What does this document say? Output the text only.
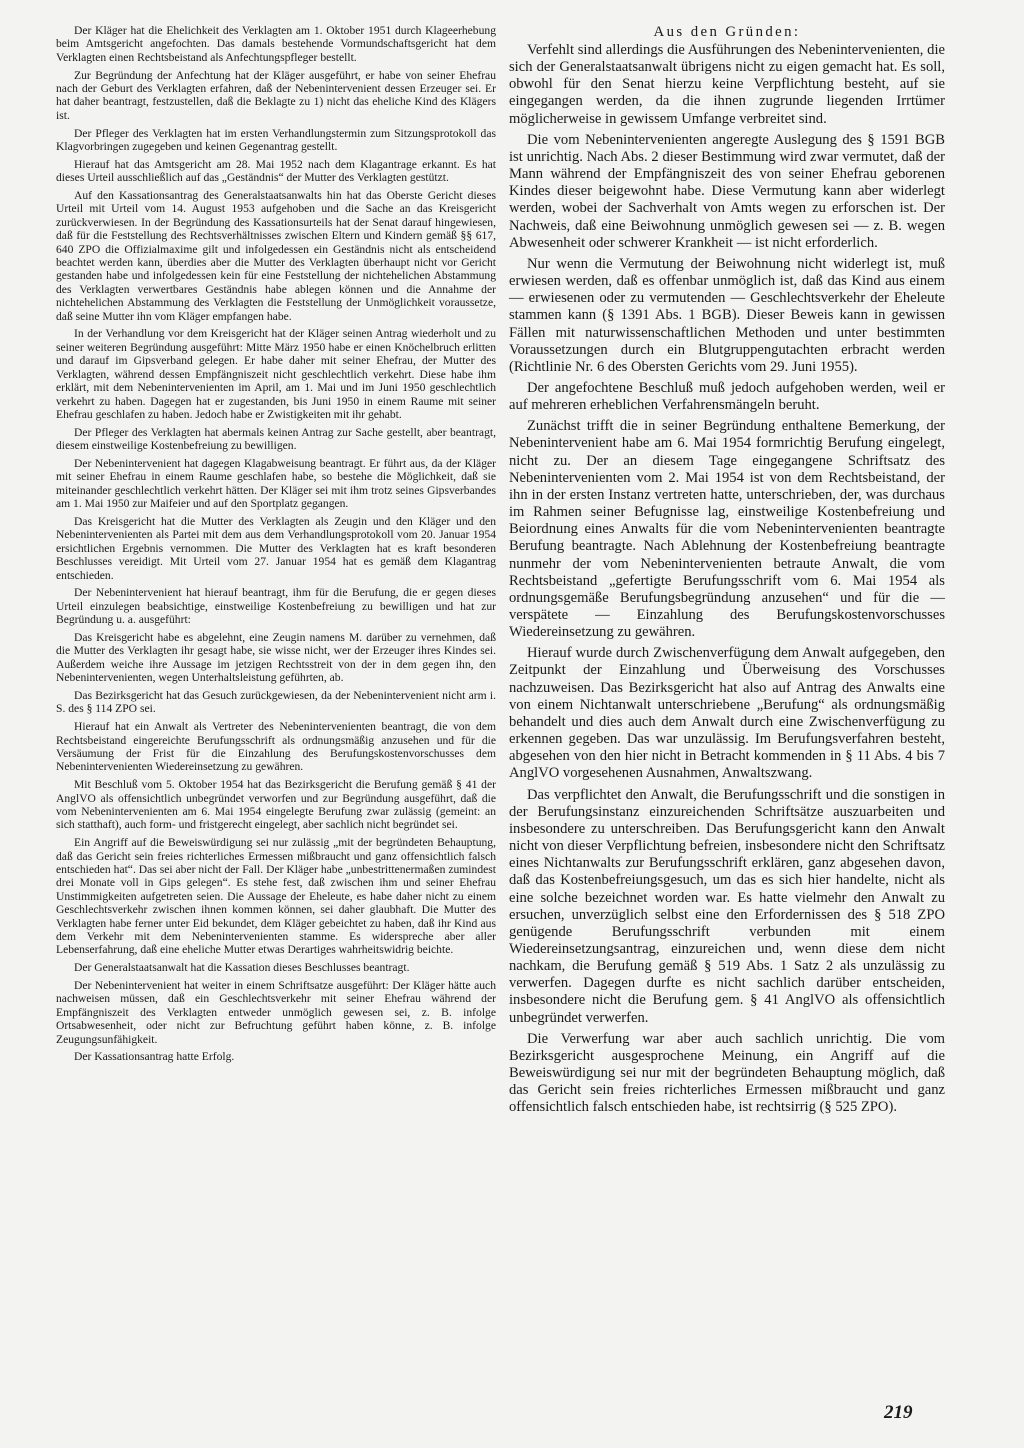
Der Kläger hat die Ehelichkeit des Verklagten am 1. Oktober 1951 durch Klageerhebung beim Amtsgericht angefochten. Das damals bestehende Vormundschaftsgericht hat dem Verklagten einen Rechtsbeistand als Anfechtungspfleger bestellt.

Zur Begründung der Anfechtung hat der Kläger ausgeführt, er habe von seiner Ehefrau nach der Geburt des Verklagten erfahren, daß der Nebenintervenient dessen Erzeuger sei. Er hat daher beantragt, festzustellen, daß die Beklagte zu 1) nicht das eheliche Kind des Klägers ist.

Der Pfleger des Verklagten hat im ersten Verhandlungstermin zum Sitzungsprotokoll das Klagvorbringen zugegeben und keinen Gegenantrag gestellt.

Hierauf hat das Amtsgericht am 28. Mai 1952 nach dem Klagantrage erkannt. Es hat dieses Urteil ausschließlich auf das „Geständnis“ der Mutter des Verklagten gestützt.

Auf den Kassationsantrag des Generalstaatsanwalts hin hat das Oberste Gericht dieses Urteil mit Urteil vom 14. August 1953 aufgehoben und die Sache an das Kreisgericht zurückverwiesen. In der Begründung des Kassationsurteils hat der Senat darauf hingewiesen, daß für die Feststellung des Rechtsverhältnisses zwischen Eltern und Kindern gemäß §§ 617, 640 ZPO die Offizialmaxime gilt und infolgedessen ein Geständnis nicht als entscheidend beachtet werden kann, überdies aber die Mutter des Verklagten überhaupt nicht vor Gericht gestanden habe und infolgedessen kein für eine Feststellung der nichtehelichen Abstammung des Verklagten verwertbares Geständnis habe ablegen können und die Annahme der nichtehelichen Abstammung des Verklagten die Feststellung der Unmöglichkeit voraussetze, daß seine Mutter ihn vom Kläger empfangen habe.

In der Verhandlung vor dem Kreisgericht hat der Kläger seinen Antrag wiederholt und zu seiner weiteren Begründung ausgeführt: Mitte März 1950 habe er einen Knöchelbruch erlitten und darauf im Gipsverband gelegen. Er habe daher mit seiner Ehefrau, der Mutter des Verklagten, während dessen Empfängniszeit nicht geschlechtlich verkehrt. Diese habe ihm erklärt, mit dem Nebenintervenienten im April, am 1. Mai und im Juni 1950 geschlechtlich verkehrt zu haben. Dagegen hat er zugestanden, bis Juni 1950 in einem Raume mit seiner Ehefrau geschlafen zu haben. Jedoch habe er Zwistigkeiten mit ihr gehabt.

Der Pfleger des Verklagten hat abermals keinen Antrag zur Sache gestellt, aber beantragt, diesem einstweilige Kostenbefreiung zu bewilligen.

Der Nebenintervenient hat dagegen Klagabweisung beantragt. Er führt aus, da der Kläger mit seiner Ehefrau in einem Raume geschlafen habe, so bestehe die Möglichkeit, daß sie miteinander geschlechtlich verkehrt hätten. Der Kläger sei mit ihm trotz seines Gipsverbandes am 1. Mai 1950 zur Maifeier und auf den Sportplatz gegangen.

Das Kreisgericht hat die Mutter des Verklagten als Zeugin und den Kläger und den Nebenintervenienten als Partei mit dem aus dem Verhandlungsprotokoll vom 20. Januar 1954 ersichtlichen Ergebnis vernommen. Die Mutter des Verklagten hat es kraft besonderen Beschlusses vereidigt. Mit Urteil vom 27. Januar 1954 hat es gemäß dem Klagantrag entschieden.

Der Nebenintervenient hat hierauf beantragt, ihm für die Berufung, die er gegen dieses Urteil einzulegen beabsichtige, einstweilige Kostenbefreiung zu bewilligen und hat zur Begründung u. a. ausgeführt:

Das Kreisgericht habe es abgelehnt, eine Zeugin namens M. darüber zu vernehmen, daß die Mutter des Verklagten ihr gesagt habe, sie wisse nicht, wer der Erzeuger ihres Kindes sei. Außerdem weiche ihre Aussage im jetzigen Rechtsstreit von der in dem gegen ihn, den Nebenintervenienten, wegen Unterhaltsleistung geführten, ab.

Das Bezirksgericht hat das Gesuch zurückgewiesen, da der Nebenintervenient nicht arm i. S. des § 114 ZPO sei.

Hierauf hat ein Anwalt als Vertreter des Nebenintervenienten beantragt, die von dem Rechtsbeistand eingereichte Berufungsschrift als ordnungsmäßig anzusehen und für die Versäumung der Frist für die Einzahlung des Berufungskostenvorschusses dem Nebenintervenienten Wiedereinsetzung zu gewähren.

Mit Beschluß vom 5. Oktober 1954 hat das Bezirksgericht die Berufung gemäß § 41 der AnglVO als offensichtlich unbegründet verworfen und zur Begründung ausgeführt, daß die vom Nebenintervenienten am 6. Mai 1954 eingelegte Berufung zwar zulässig (gemeint: an sich statthaft), auch form- und fristgerecht eingelegt, aber sachlich nicht begründet sei.

Ein Angriff auf die Beweiswürdigung sei nur zulässig „mit der begründeten Behauptung, daß das Gericht sein freies richterliches Ermessen mißbraucht und ganz offensichtlich falsch entschieden hat“. Das sei aber nicht der Fall. Der Kläger habe „unbestrittenermaßen zumindest drei Monate voll in Gips gelegen“. Es stehe fest, daß zwischen ihm und seiner Ehefrau Unstimmigkeiten aufgetreten seien. Die Aussage der Eheleute, es habe daher nicht zu einem Geschlechtsverkehr zwischen ihnen kommen können, sei daher glaubhaft. Die Mutter des Verklagten habe ferner unter Eid bekundet, dem Kläger gebeichtet zu haben, daß ihr Kind aus dem Verkehr mit dem Nebenintervenienten stamme. Es widerspreche aber aller Lebenserfahrung, daß eine eheliche Mutter etwas Derartiges wahrheitswidrig beichte.

Der Generalstaatsanwalt hat die Kassation dieses Beschlusses beantragt.

Der Nebenintervenient hat weiter in einem Schriftsatze ausgeführt: Der Kläger hätte auch nachweisen müssen, daß ein Geschlechtsverkehr mit seiner Ehefrau während der Empfängniszeit des Verklagten entweder unmöglich gewesen sei, z. B. infolge Ortsabwesenheit, oder nicht zur Befruchtung geführt haben könne, z. B. infolge Zeugungsunfähigkeit.

Der Kassationsantrag hatte Erfolg.

Aus den Gründen:

Verfehlt sind allerdings die Ausführungen des Nebenintervenienten, die sich der Generalstaatsanwalt übrigens nicht zu eigen gemacht hat. Es soll, obwohl für den Senat hierzu keine Verpflichtung besteht, auf sie eingegangen werden, da die ihnen zugrunde liegenden Irrtümer möglicherweise in gewissem Umfange verbreitet sind.

Die vom Nebenintervenienten angeregte Auslegung des § 1591 BGB ist unrichtig. Nach Abs. 2 dieser Bestimmung wird zwar vermutet, daß der Mann während der Empfängniszeit des von seiner Ehefrau geborenen Kindes dieser beigewohnt habe. Diese Vermutung kann aber widerlegt werden, wobei der Sachverhalt von Amts wegen zu erforschen ist. Der Nachweis, daß eine Beiwohnung unmöglich gewesen sei — z. B. wegen Abwesenheit oder schwerer Krankheit — ist nicht erforderlich.

Nur wenn die Vermutung der Beiwohnung nicht widerlegt ist, muß erwiesen werden, daß es offenbar unmöglich ist, daß das Kind aus einem — erwiesenen oder zu vermutenden — Geschlechtsverkehr der Eheleute stammen kann (§ 1391 Abs. 1 BGB). Dieser Beweis kann in gewissen Fällen mit naturwissenschaftlichen Methoden und unter bestimmten Voraussetzungen durch ein Blutgruppengutachten erbracht werden (Richtlinie Nr. 6 des Obersten Gerichts vom 29. Juni 1955).

Der angefochtene Beschluß muß jedoch aufgehoben werden, weil er auf mehreren erheblichen Verfahrensmängeln beruht.

Zunächst trifft die in seiner Begründung enthaltene Bemerkung, der Nebenintervenient habe am 6. Mai 1954 formrichtig Berufung eingelegt, nicht zu. Der an diesem Tage eingegangene Schriftsatz des Nebenintervenienten vom 2. Mai 1954 ist von dem Rechtsbeistand, der ihn in der ersten Instanz vertreten hatte, unterschrieben, der, was durchaus im Rahmen seiner Befugnisse lag, einstweilige Kostenbefreiung und Beiordnung eines Anwalts für die vom Nebenintervenienten beantragte Berufung beantragte. Nach Ablehnung der Kostenbefreiung beantragte nunmehr der vom Nebenintervenienten betraute Anwalt, die vom Rechtsbeistand „gefertigte Berufungsschrift vom 6. Mai 1954 als ordnungsgemäße Berufungsbegründung anzusehen“ und für die — verspätete — Einzahlung des Berufungskostenvorschusses Wiedereinsetzung zu gewähren.

Hierauf wurde durch Zwischenverfügung dem Anwalt aufgegeben, den Zeitpunkt der Einzahlung und Überweisung des Vorschusses nachzuweisen. Das Bezirksgericht hat also auf Antrag des Anwalts eine von einem Nichtanwalt unterschriebene „Berufung“ als ordnungsmäßig behandelt und dies auch dem Anwalt durch eine Zwischenverfügung zu erkennen gegeben. Das war unzulässig. Im Berufungsverfahren besteht, abgesehen von den hier nicht in Betracht kommenden in § 11 Abs. 4 bis 7 AnglVO vorgesehenen Ausnahmen, Anwaltszwang.

Das verpflichtet den Anwalt, die Berufungsschrift und die sonstigen in der Berufungsinstanz einzureichenden Schriftsätze auszuarbeiten und insbesondere zu unterschreiben. Das Berufungsgericht kann den Anwalt nicht von dieser Verpflichtung befreien, insbesondere nicht den Schriftsatz eines Nichtanwalts zur Berufungsschrift erklären, ganz abgesehen davon, daß das Kostenbefreiungsgesuch, um das es sich hier handelte, nicht als eine solche bezeichnet worden war. Es hatte vielmehr den Anwalt zu ersuchen, unverzüglich selbst eine den Erfordernissen des § 518 ZPO genügende Berufungsschrift verbunden mit einem Wiedereinsetzungsantrag, einzureichen und, wenn diese dem nicht nachkam, die Berufung gemäß § 519 Abs. 1 Satz 2 als unzulässig zu verwerfen. Dagegen durfte es nicht sachlich darüber entscheiden, insbesondere nicht die Berufung gem. § 41 AnglVO als offensichtlich unbegründet verwerfen.

Die Verwerfung war aber auch sachlich unrichtig. Die vom Bezirksgericht ausgesprochene Meinung, ein Angriff auf die Beweiswürdigung sei nur mit der begründeten Behauptung möglich, daß das Gericht sein freies richterliches Ermessen mißbraucht und ganz offensichtlich falsch entschieden habe, ist rechtsirrig (§ 525 ZPO).

219
